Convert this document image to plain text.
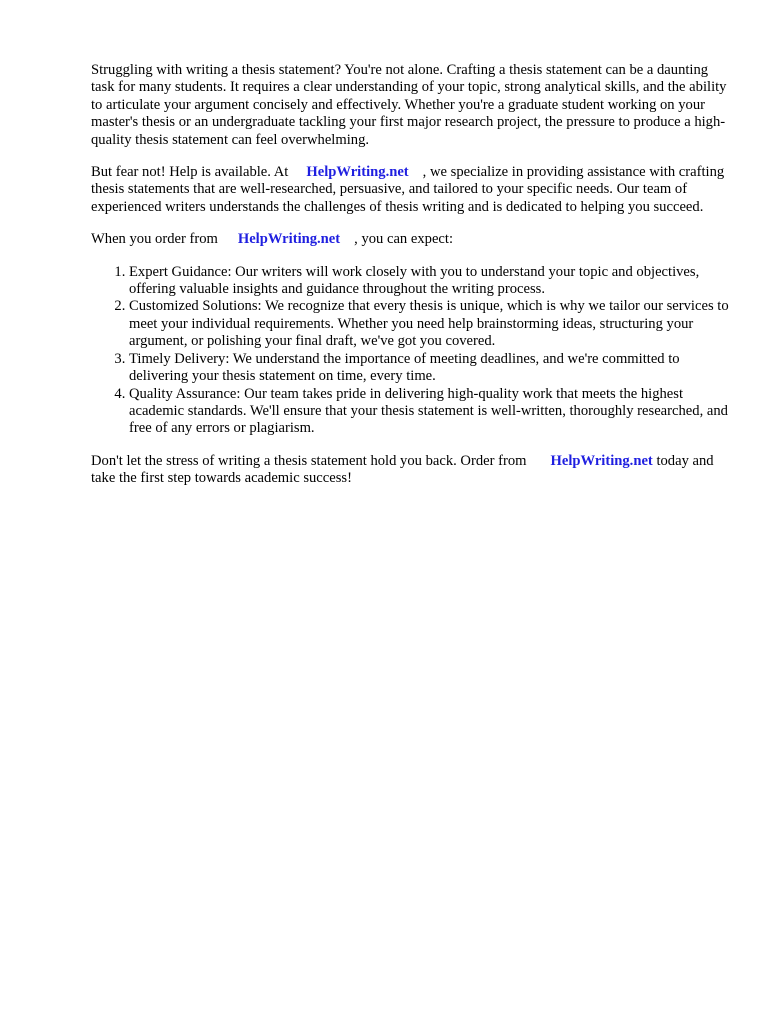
Struggling with writing a thesis statement? You're not alone. Crafting a thesis statement can be a daunting task for many students. It requires a clear understanding of your topic, strong analytical skills, and the ability to articulate your argument concisely and effectively. Whether you're a graduate student working on your master's thesis or an undergraduate tackling your first major research project, the pressure to produce a high-quality thesis statement can feel overwhelming.

But fear not! Help is available. At HelpWriting.net , we specialize in providing assistance with crafting thesis statements that are well-researched, persuasive, and tailored to your specific needs. Our team of experienced writers understands the challenges of thesis writing and is dedicated to helping you succeed.

When you order from HelpWriting.net , you can expect:

1. Expert Guidance: Our writers will work closely with you to understand your topic and objectives, offering valuable insights and guidance throughout the writing process.
2. Customized Solutions: We recognize that every thesis is unique, which is why we tailor our services to meet your individual requirements. Whether you need help brainstorming ideas, structuring your argument, or polishing your final draft, we've got you covered.
3. Timely Delivery: We understand the importance of meeting deadlines, and we're committed to delivering your thesis statement on time, every time.
4. Quality Assurance: Our team takes pride in delivering high-quality work that meets the highest academic standards. We'll ensure that your thesis statement is well-written, thoroughly researched, and free of any errors or plagiarism.

Don't let the stress of writing a thesis statement hold you back. Order from HelpWriting.net today and take the first step towards academic success!
